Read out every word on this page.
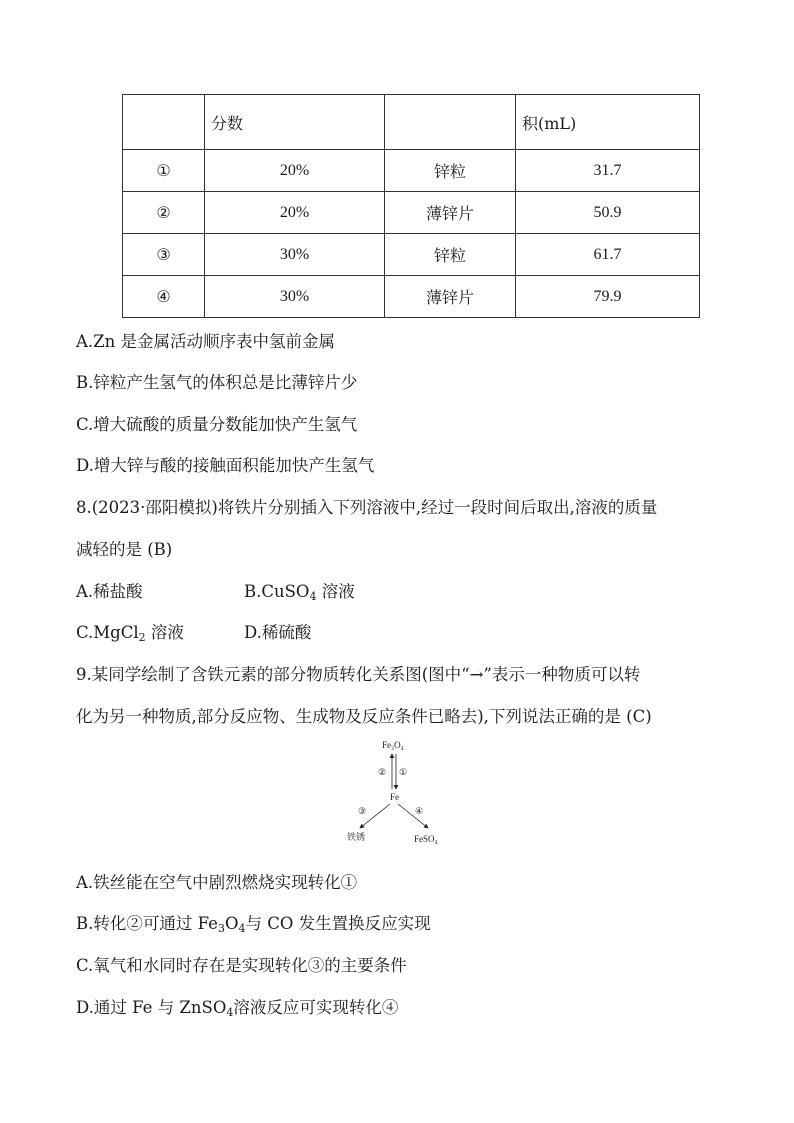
	分数		积(mL)
①	20%	锌粒	31.7
②	20%	薄锌片	50.9
③	30%	锌粒	61.7
④	30%	薄锌片	79.9
A.Zn 是金属活动顺序表中氢前金属
B.锌粒产生氢气的体积总是比薄锌片少
C.增大硫酸的质量分数能加快产生氢气
D.增大锌与酸的接触面积能加快产生氢气
8.(2023·邵阳模拟)将铁片分别插入下列溶液中,经过一段时间后取出,溶液的质量
减轻的是 (B)
A.稀盐酸	B.CuSO$_4$ 溶液
C.MgCl$_2$ 溶液	D.稀硫酸
9.某同学绘制了含铁元素的部分物质转化关系图(图中“→”表示一种物质可以转
化为另一种物质,部分反应物、生成物及反应条件已略去),下列说法正确的是 (C)
Fe₃O₄
② ①
Fe
③	④
铁锈	FeSO₄
A.铁丝能在空气中剧烈燃烧实现转化①
B.转化②可通过 $Fe_3O_4$与 CO 发生置换反应实现
C.氧气和水同时存在是实现转化③的主要条件
D.通过 Fe 与 ZnSO$_4$溶液反应可实现转化④
